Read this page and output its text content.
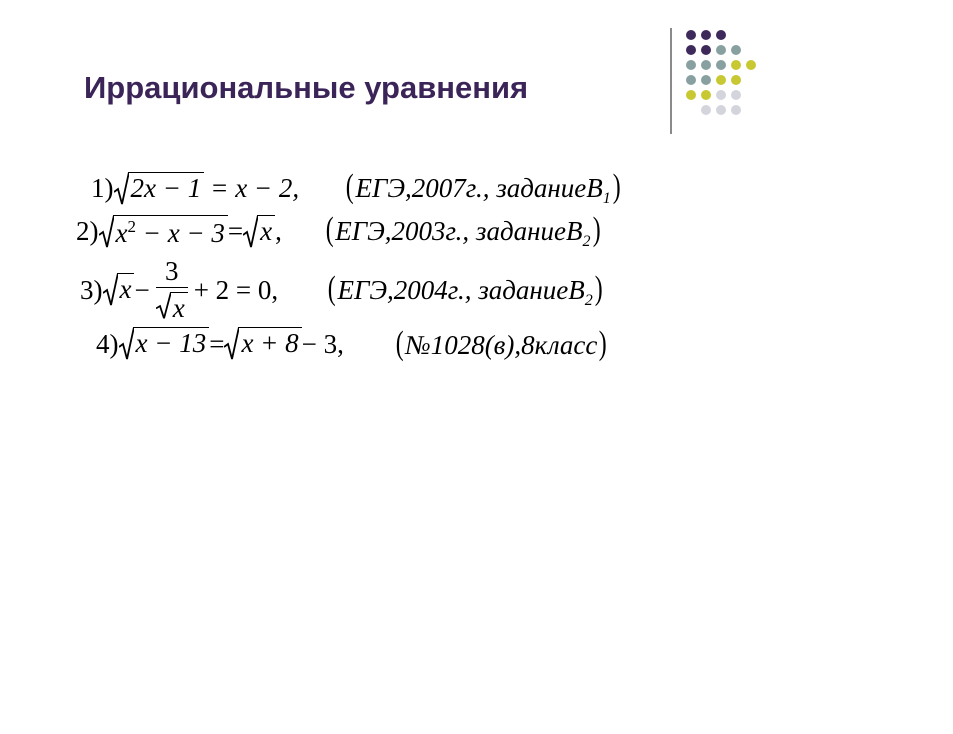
Иррациональные уравнения
1) 2x − 1 = x − 2, (ЕГЭ,2007г., заданиеB$_1$)
2) $x^2 - x - 3 = x$ , (ЕГЭ,2003г., заданиеB$_2$)
3) $x - \frac{3}{x} + 2 = 0$, (ЕГЭ,2004г., заданиеB$_2$)
4) x − 13 = x + 8 − 3, (№1028(в),8класс)
